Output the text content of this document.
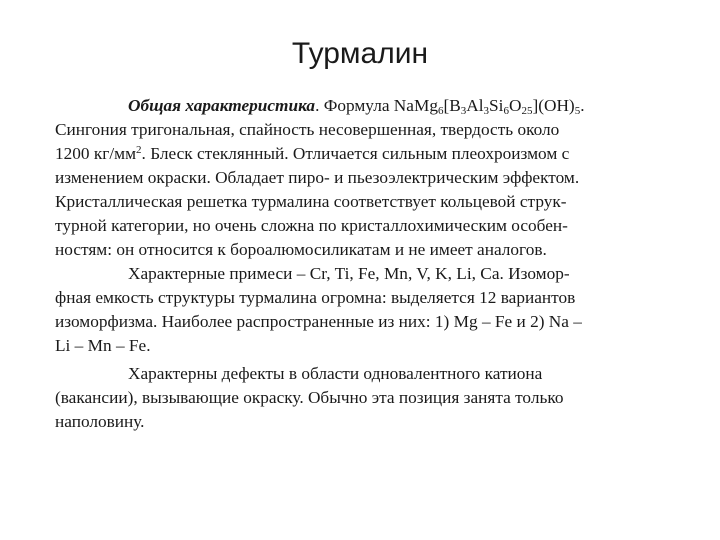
Турмалин
Общая характеристика. Формула $NaMg_6[B_3Al_3Si_6O_{25}](OH)_5$.
Сингония тригональная, спайность несовершенная, твердость около
1200 $кг/мм^2$. Блеск стеклянный. Отличается сильным плеохроизмом с
изменением окраски. Обладает пиро- и пьезоэлектрическим эффектом.
Кристаллическая решетка турмалина соответствует кольцевой струк-
турной категории, но очень сложна по кристаллохимическим особен-
ностям: он относится к бороалюмосиликатам и не имеет аналогов.
Характерные примеси – Cr, Ti, Fe, Mn, V, K, Li, Ca. Изомор-
фная емкость структуры турмалина огромна: выделяется 12 вариантов
изоморфизма. Наиболее распространенные из них: 1) Mg – Fe и 2) Na –
Li – Mn – Fe.
Характерны дефекты в области одновалентного катиона
(вакансии), вызывающие окраску. Обычно эта позиция занята только
наполовину.
